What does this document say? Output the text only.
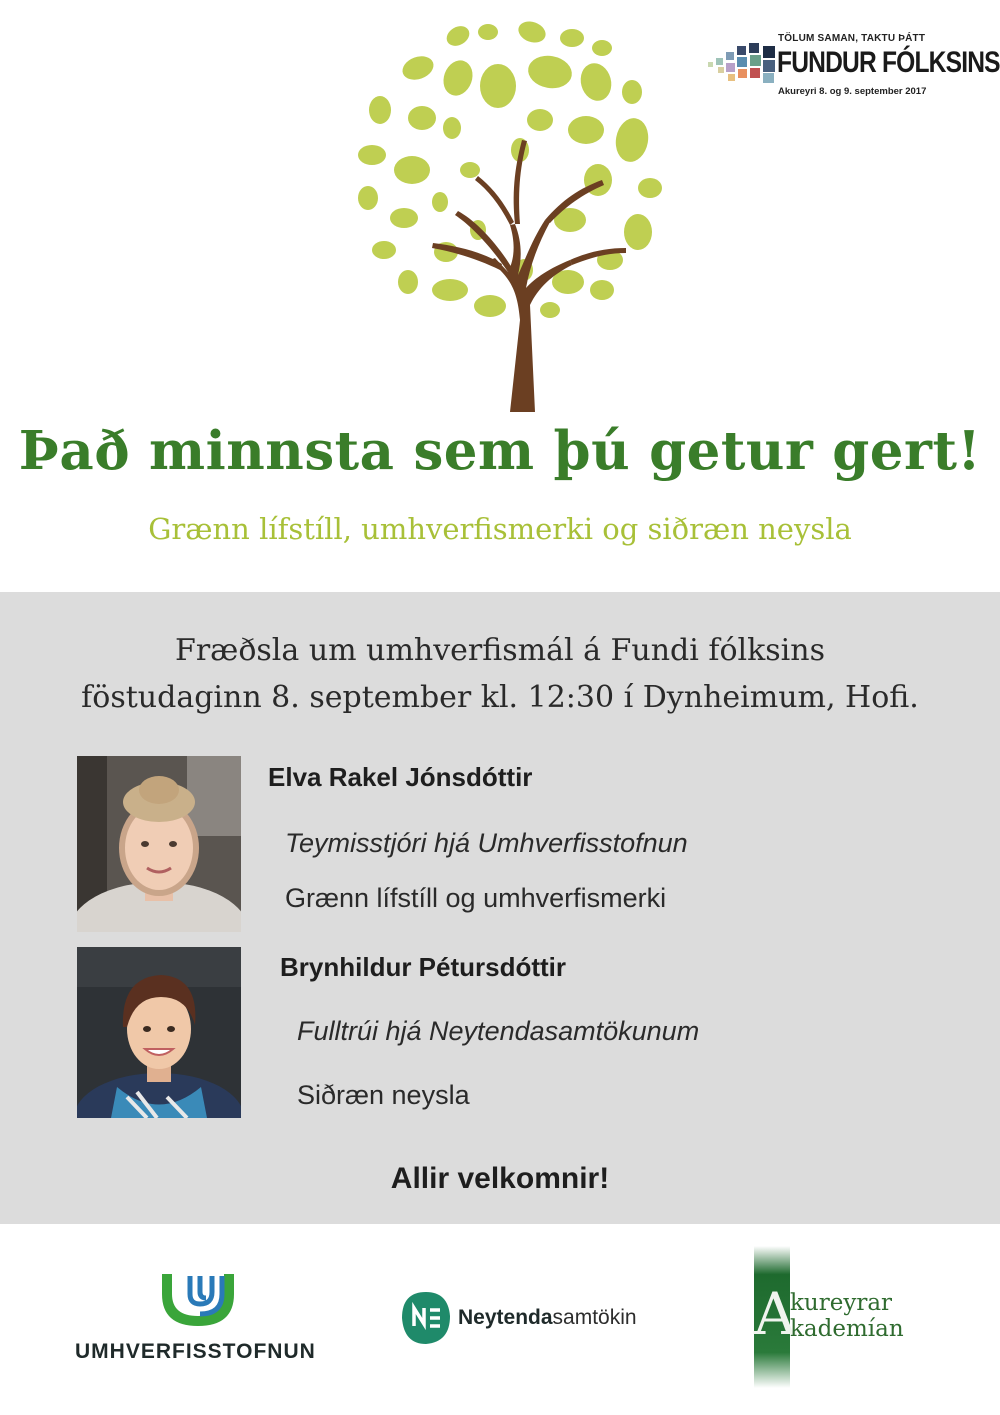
TÖLUM SAMAN, TAKTU ÞÁTT
FUNDUR FÓLKSINS
Akureyri 8. og 9. september 2017
Það minnsta sem þú getur gert!
Grænn lífstíll, umhverfismerki og siðræn neysla
Fræðsla um umhverfismál á Fundi fólksins
föstudaginn 8. september kl. 12:30 í Dynheimum, Hofi.
Elva Rakel Jónsdóttir
Teymisstjóri hjá Umhverfisstofnun
Grænn lífstíll og umhverfismerki
Brynhildur Pétursdóttir
Fulltrúi hjá Neytendasamtökunum
Siðræn neysla
Allir velkomnir!
UMHVERFISSTOFNUN
Neytendasamtökin A
kureyrar
kademían
